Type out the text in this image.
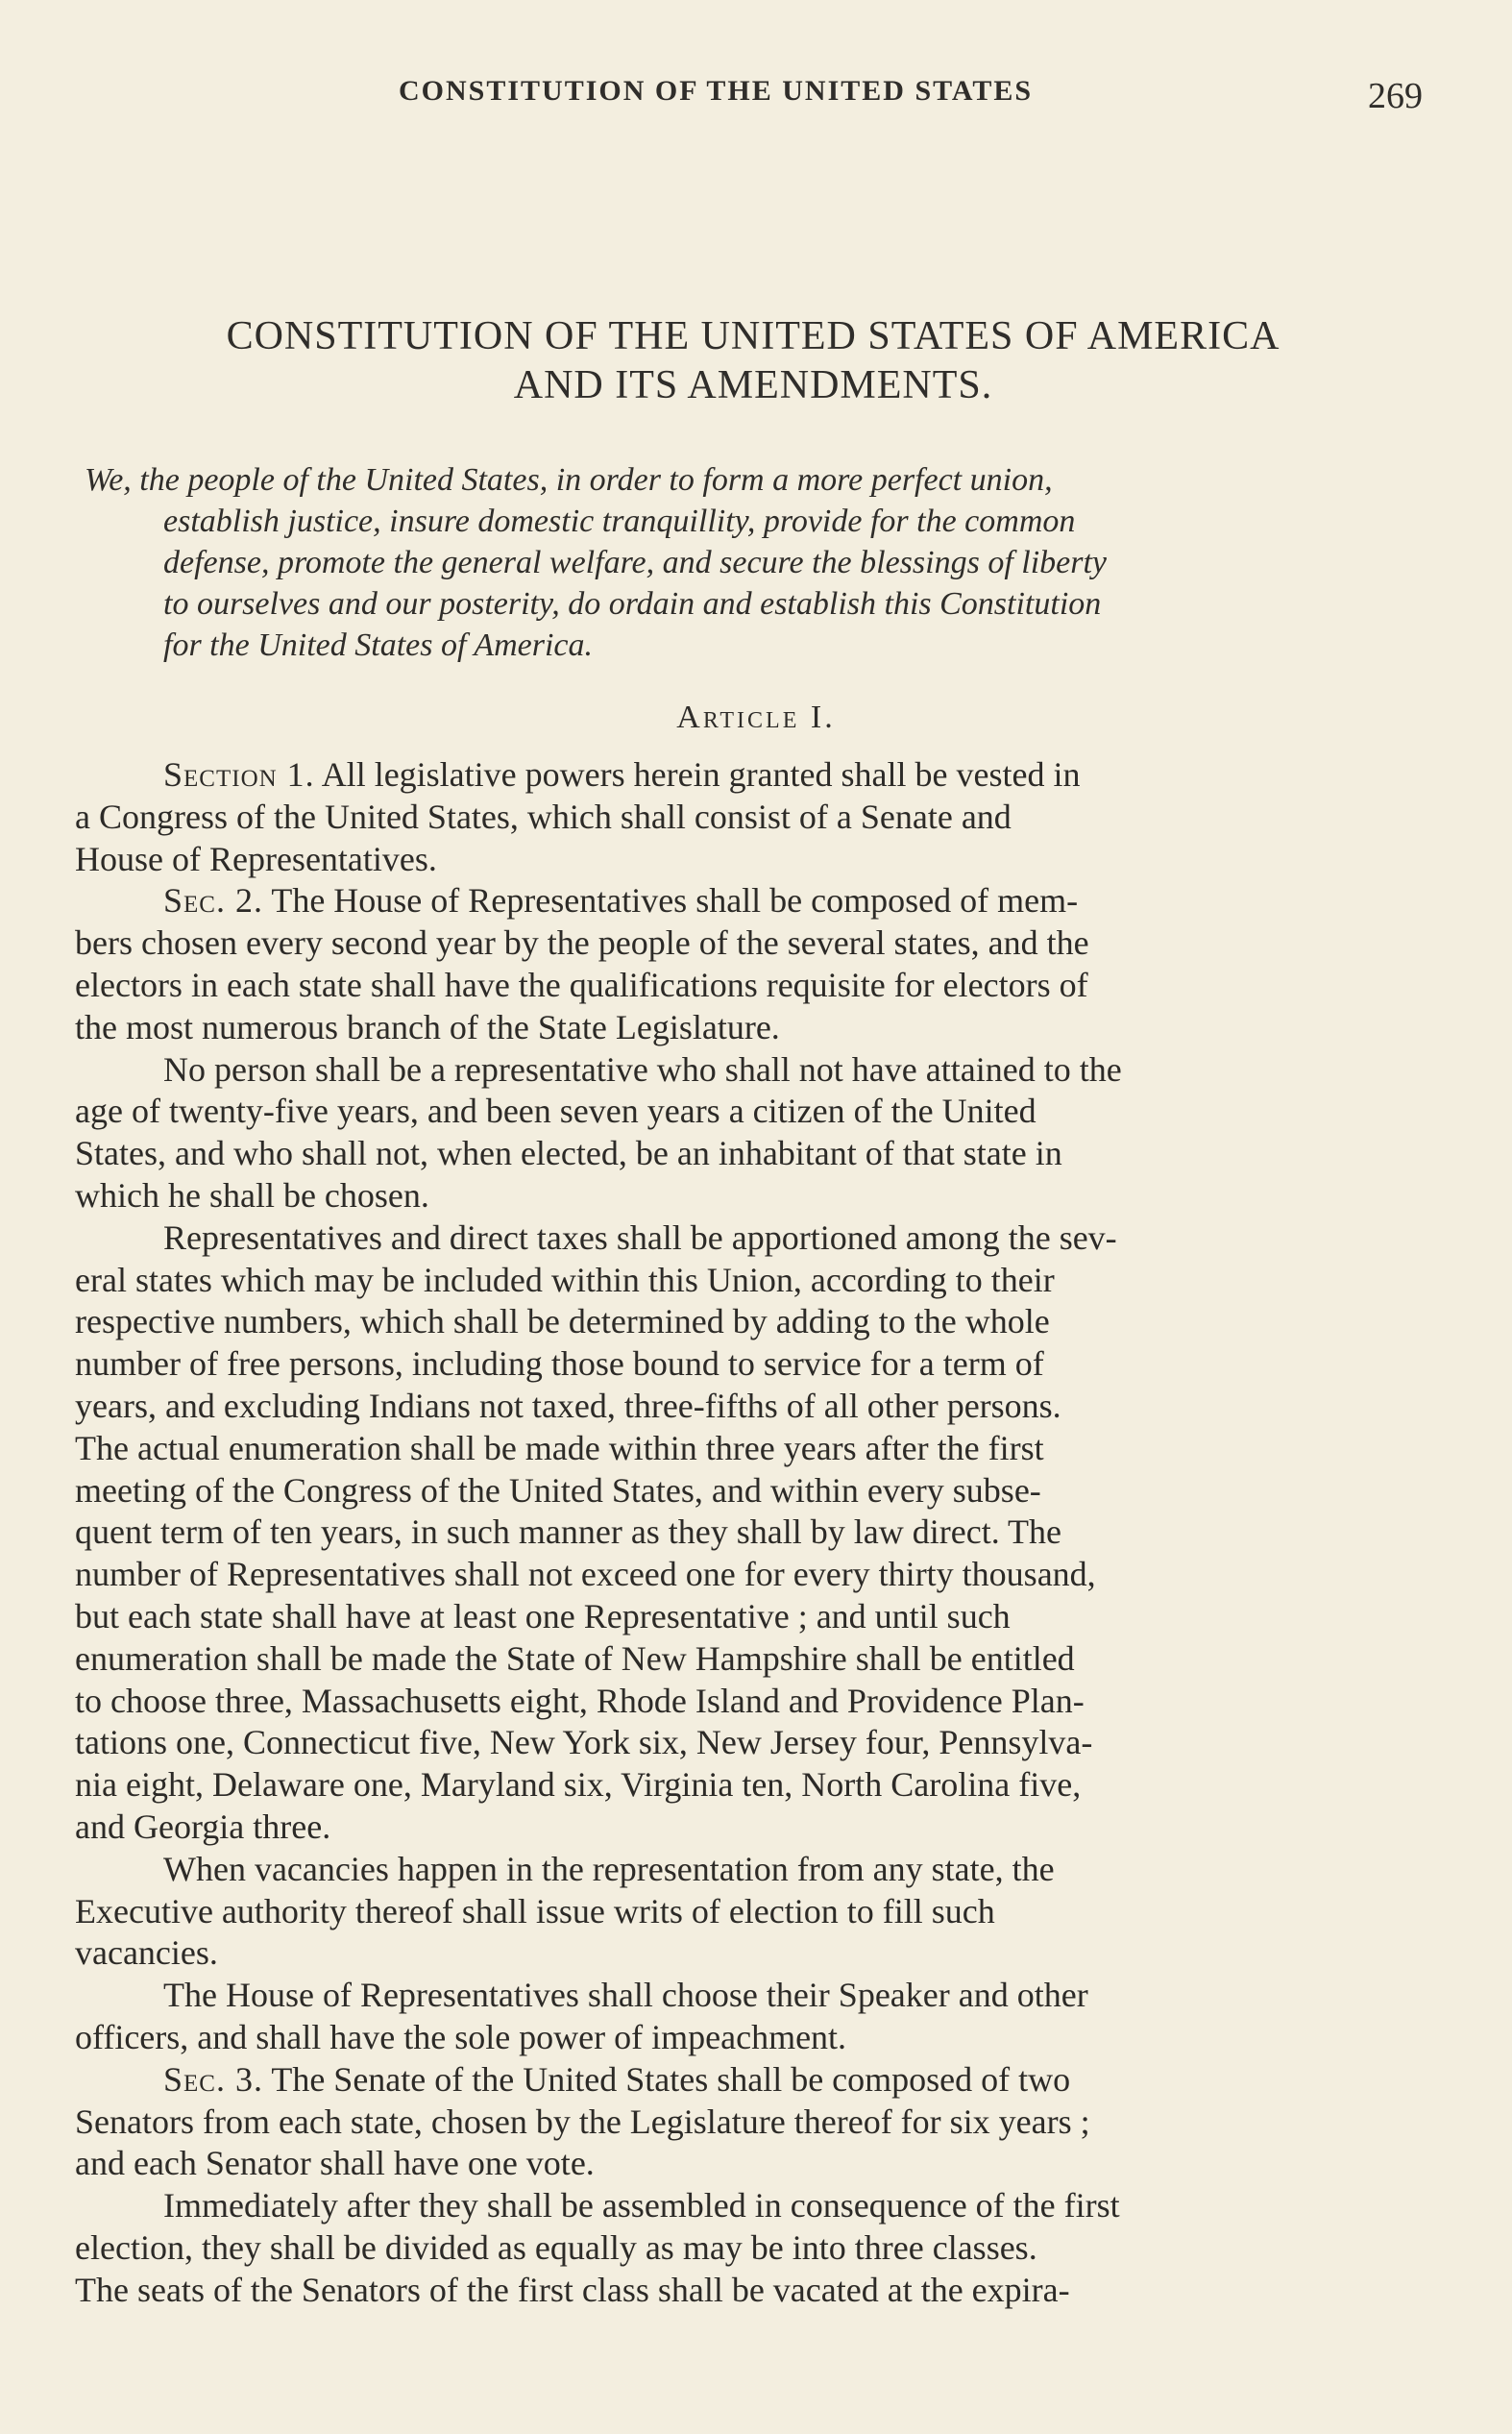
CONSTITUTION OF THE UNITED STATES	269
CONSTITUTION OF THE UNITED STATES OF AMERICA
AND ITS AMENDMENTS.
We, the people of the United States, in order to form a more perfect union,
establish justice, insure domestic tranquillity, provide for the common
defense, promote the general welfare, and secure the blessings of liberty
to ourselves and our posterity, do ordain and establish this Constitution
for the United States of America.
Article I.
Section 1. All legislative powers herein granted shall be vested in
a Congress of the United States, which shall consist of a Senate and
House of Representatives.
Sec. 2. The House of Representatives shall be composed of mem-
bers chosen every second year by the people of the several states, and the
electors in each state shall have the qualifications requisite for electors of
the most numerous branch of the State Legislature.
No person shall be a representative who shall not have attained to the
age of twenty-five years, and been seven years a citizen of the United
States, and who shall not, when elected, be an inhabitant of that state in
which he shall be chosen.
Representatives and direct taxes shall be apportioned among the sev-
eral states which may be included within this Union, according to their
respective numbers, which shall be determined by adding to the whole
number of free persons, including those bound to service for a term of
years, and excluding Indians not taxed, three-fifths of all other persons.
The actual enumeration shall be made within three years after the first
meeting of the Congress of the United States, and within every subse-
quent term of ten years, in such manner as they shall by law direct. The
number of Representatives shall not exceed one for every thirty thousand,
but each state shall have at least one Representative ; and until such
enumeration shall be made the State of New Hampshire shall be entitled
to choose three, Massachusetts eight, Rhode Island and Providence Plan-
tations one, Connecticut five, New York six, New Jersey four, Pennsylva-
nia eight, Delaware one, Maryland six, Virginia ten, North Carolina five,
and Georgia three.
When vacancies happen in the representation from any state, the
Executive authority thereof shall issue writs of election to fill such
vacancies.
The House of Representatives shall choose their Speaker and other
officers, and shall have the sole power of impeachment.
Sec. 3. The Senate of the United States shall be composed of two
Senators from each state, chosen by the Legislature thereof for six years ;
and each Senator shall have one vote.
Immediately after they shall be assembled in consequence of the first
election, they shall be divided as equally as may be into three classes.
The seats of the Senators of the first class shall be vacated at the expira-
